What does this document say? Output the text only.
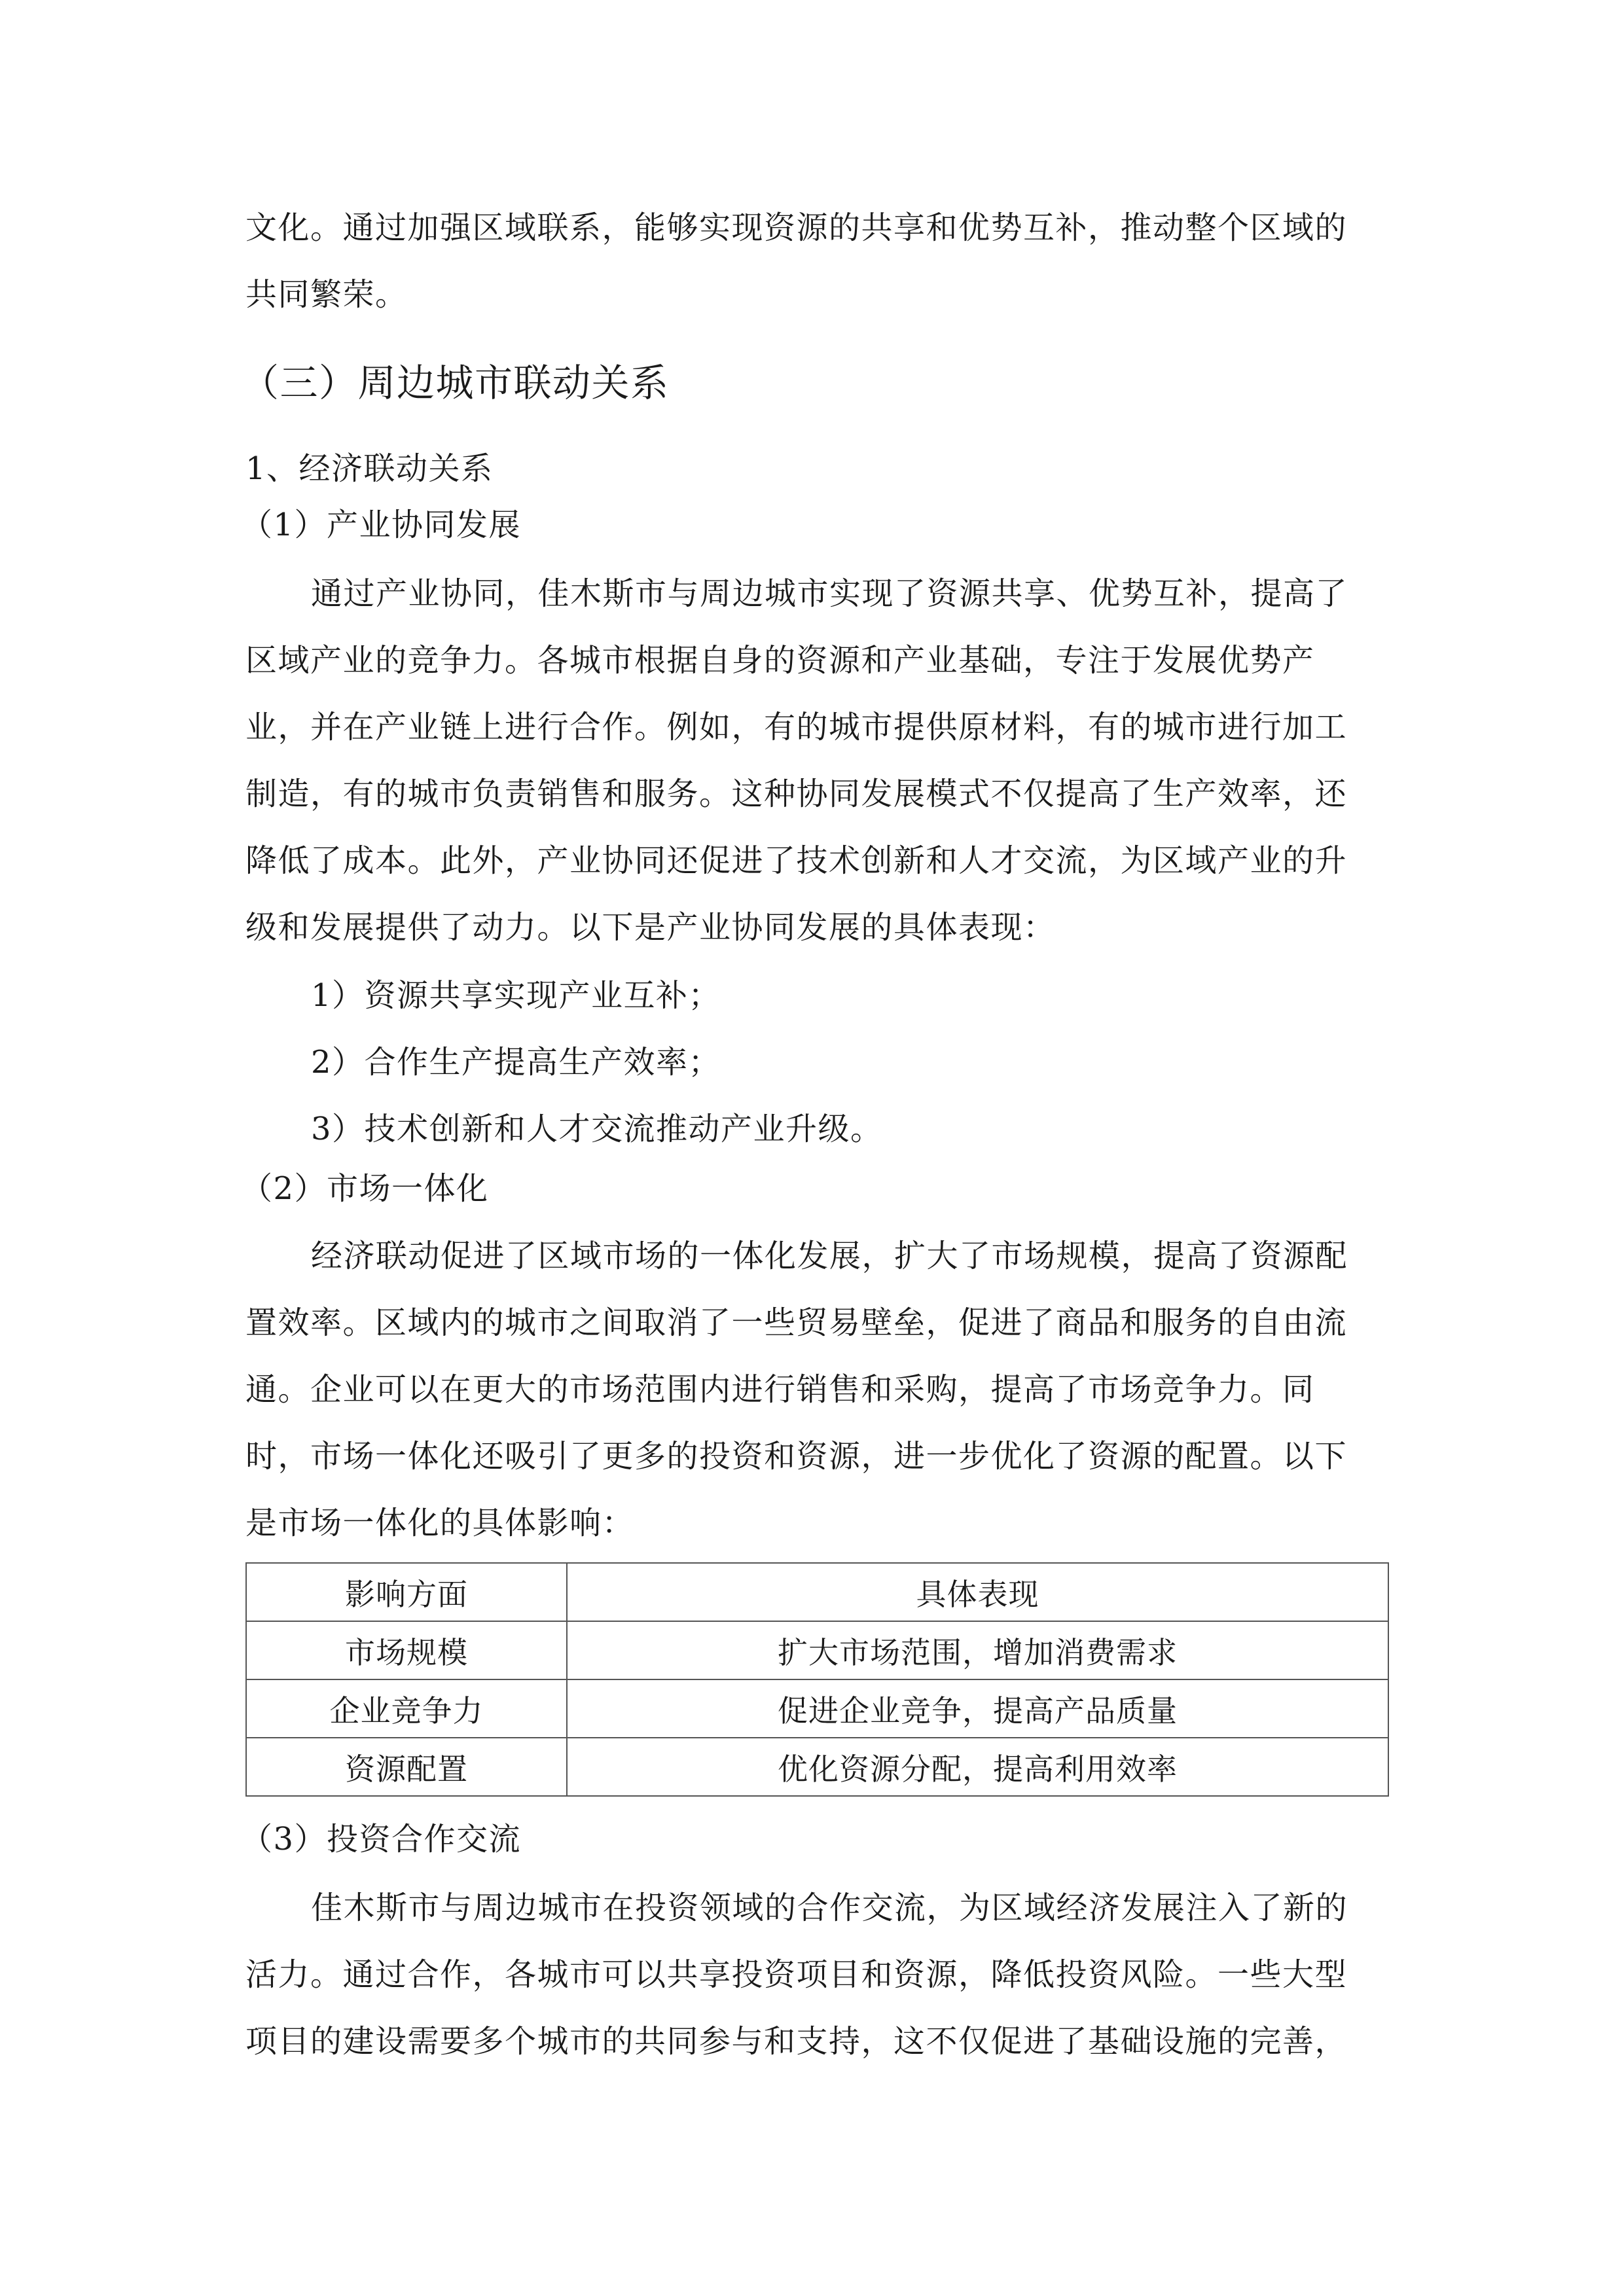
文化。通过加强区域联系，能够实现资源的共享和优势互补，推动整个区域的
共同繁荣。
（三）周边城市联动关系
1、经济联动关系
（1）产业协同发展
通过产业协同，佳木斯市与周边城市实现了资源共享、优势互补，提高了
区域产业的竞争力。各城市根据自身的资源和产业基础，专注于发展优势产
业，并在产业链上进行合作。例如，有的城市提供原材料，有的城市进行加工
制造，有的城市负责销售和服务。这种协同发展模式不仅提高了生产效率，还
降低了成本。此外，产业协同还促进了技术创新和人才交流，为区域产业的升
级和发展提供了动力。以下是产业协同发展的具体表现：
1）资源共享实现产业互补；
2）合作生产提高生产效率；
3）技术创新和人才交流推动产业升级。
（2）市场一体化
经济联动促进了区域市场的一体化发展，扩大了市场规模，提高了资源配
置效率。区域内的城市之间取消了一些贸易壁垒，促进了商品和服务的自由流
通。企业可以在更大的市场范围内进行销售和采购，提高了市场竞争力。同
时，市场一体化还吸引了更多的投资和资源，进一步优化了资源的配置。以下
是市场一体化的具体影响：
影响方面	具体表现
市场规模	扩大市场范围，增加消费需求
企业竞争力	促进企业竞争，提高产品质量
资源配置	优化资源分配，提高利用效率
（3）投资合作交流
佳木斯市与周边城市在投资领域的合作交流，为区域经济发展注入了新的
活力。通过合作，各城市可以共享投资项目和资源，降低投资风险。一些大型
项目的建设需要多个城市的共同参与和支持，这不仅促进了基础设施的完善，
